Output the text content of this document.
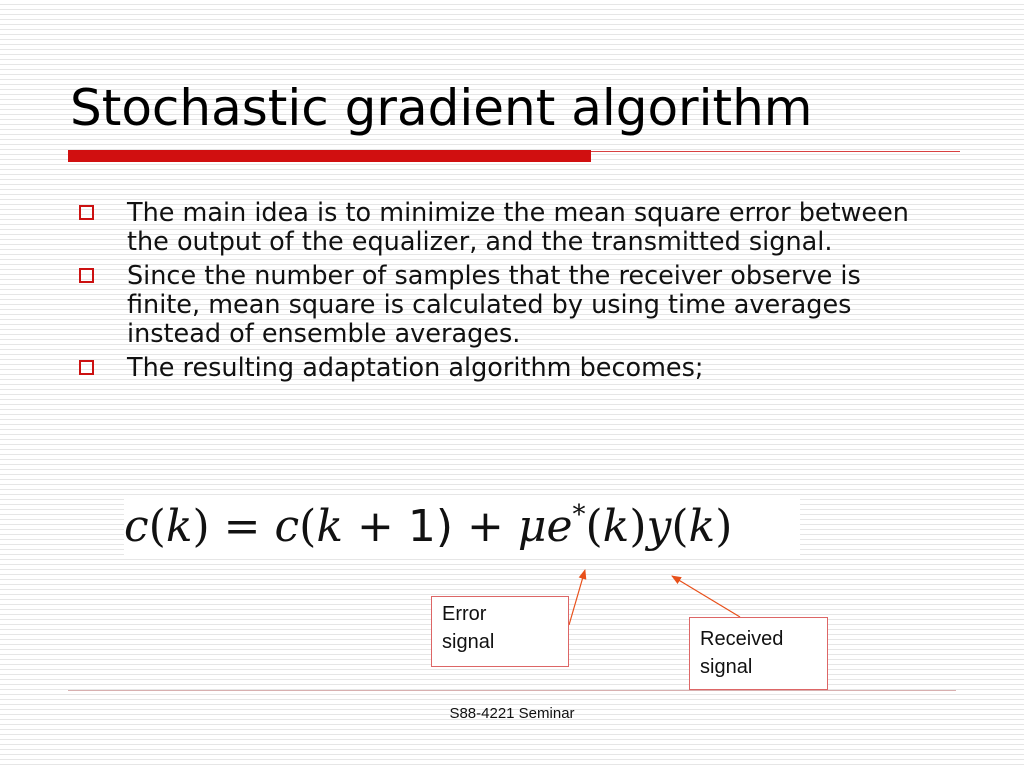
Stochastic gradient algorithm
The main idea is to minimize the mean square error between the output of the equalizer, and the transmitted signal.
Since the number of samples that the receiver observe is finite, mean square is calculated by using time averages instead of ensemble averages.
The resulting adaptation algorithm becomes;
c(k) = c(k + 1) + μe*(k)y(k)
Error
signal	Received
signal
S88-4221 Seminar
